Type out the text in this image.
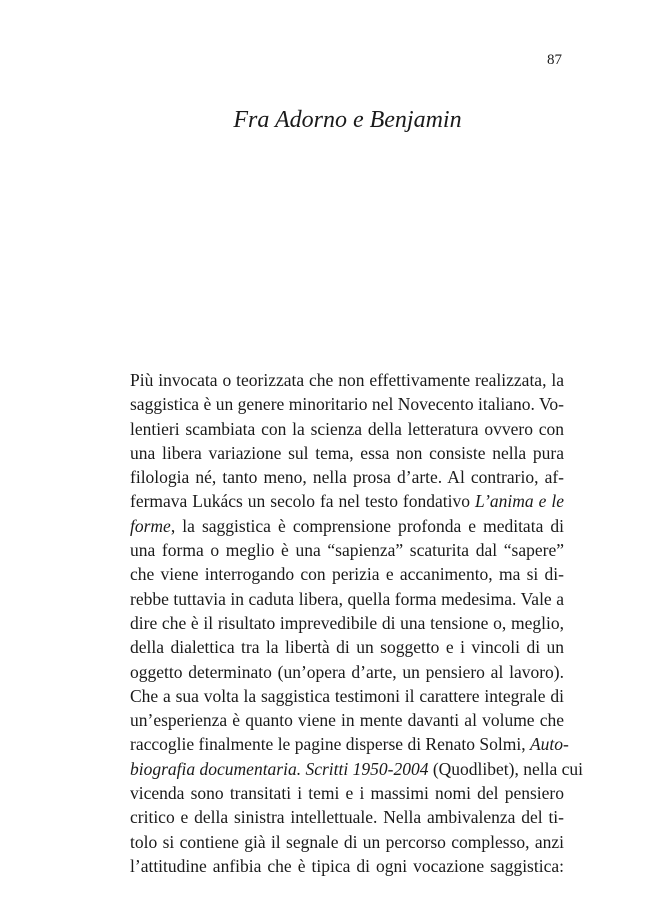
87
Fra Adorno e Benjamin
Più invocata o teorizzata che non effettivamente realizzata, la
saggistica è un genere minoritario nel Novecento italiano. Vo-
lentieri scambiata con la scienza della letteratura ovvero con
una libera variazione sul tema, essa non consiste nella pura
filologia né, tanto meno, nella prosa d’arte. Al contrario, af-
fermava Lukács un secolo fa nel testo fondativo L’anima e le
forme, la saggistica è comprensione profonda e meditata di
una forma o meglio è una “sapienza” scaturita dal “sapere”
che viene interrogando con perizia e accanimento, ma si di-
rebbe tuttavia in caduta libera, quella forma medesima. Vale a
dire che è il risultato imprevedibile di una tensione o, meglio,
della dialettica tra la libertà di un soggetto e i vincoli di un
oggetto determinato (un’opera d’arte, un pensiero al lavoro).
Che a sua volta la saggistica testimoni il carattere integrale di
un’esperienza è quanto viene in mente davanti al volume che
raccoglie finalmente le pagine disperse di Renato Solmi, Auto-
biografia documentaria. Scritti 1950-2004 (Quodlibet), nella cui
vicenda sono transitati i temi e i massimi nomi del pensiero
critico e della sinistra intellettuale. Nella ambivalenza del ti-
tolo si contiene già il segnale di un percorso complesso, anzi
l’attitudine anfibia che è tipica di ogni vocazione saggistica:
